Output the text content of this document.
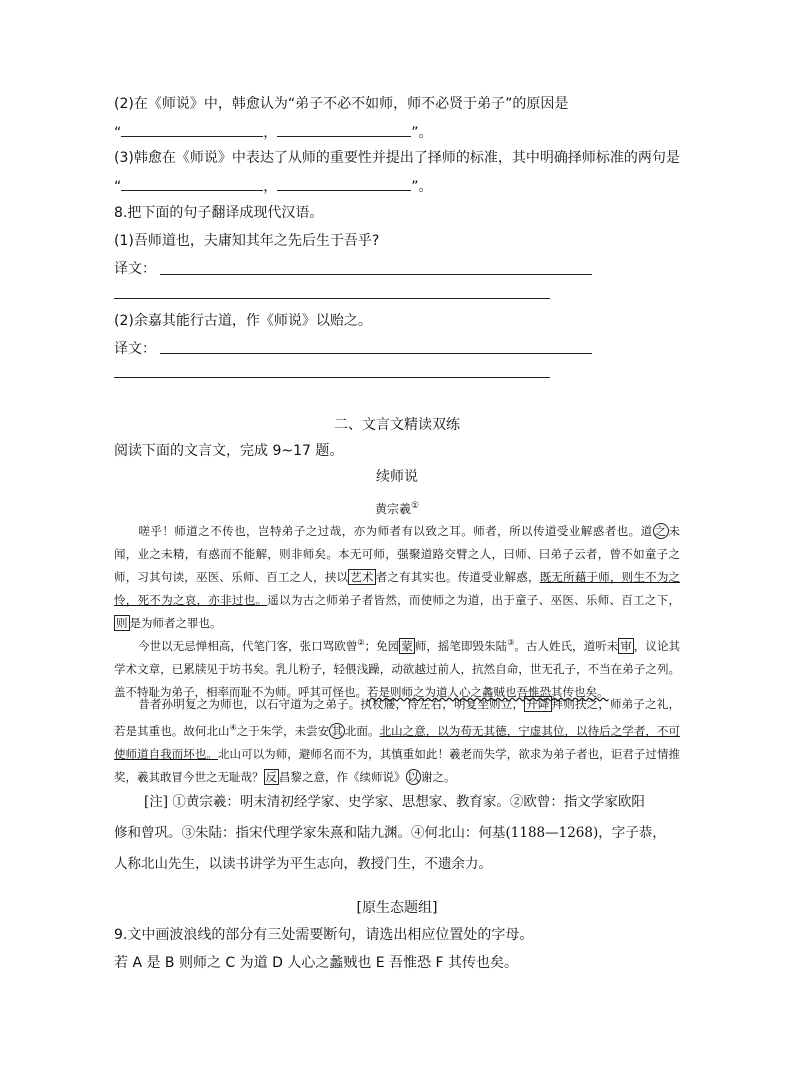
(2)在《师说》中，韩愈认为“弟子不必不如师，师不必贤于弟子”的原因是
“	，	”。
(3)韩愈在《师说》中表达了从师的重要性并提出了择师的标准，其中明确择师标准的两句是
“	，	”。
8.把下面的句子翻译成现代汉语。
(1)吾师道也，夫庸知其年之先后生于吾乎?
译文：
(2)余嘉其能行古道，作《师说》以贻之。
译文：
二、文言文精读双练
阅读下面的文言文，完成 9~17 题。
续师说
黄宗羲①
嗟乎！师道之不传也，岂特弟子之过哉，亦为师者有以致之耳。师者，所以传道受业解惑者也。道 之 未闻，业之未精，有惑而不能解，则非师矣。本无可师，强聚道路交臂之人，曰师、曰弟子云者，曾不如童子之师，习其句读，巫医、乐师、百工之人，挟以 艺术 者之有其实也。传道受业解惑，既无所藉于师，则生不为之怜，死不为之哀，亦非过也。遥以为古之师弟子者皆然，而使师之为道，出于童子、巫医、乐师、百工之下，则 是为师者之罪也。
今世以无忌惮相高，代笔门客，张口骂欧曾②；免园 蒙 师，摇笔即毁朱陆③。古人姓氏，道听未 审 ，议论其学术文章，已累牍见于坊书矣。乳儿粉子，轻偎浅躁，动欲越过前人，抗然自命，世无孔子，不当在弟子之列。盖不特耻为弟子，相率而耻不为师。呼其可怪也。若是则师之为道人心之蠡贼也吾惟恐其传也矣。
昔者孙明复之为师也，以石守道为之弟子。执杖屦，侍左右，明复坐则立， 升降 拜则扶之，师弟子之礼，若是其重也。故何北山④之于朱学，未尝安 其 北面。北山之意，以为苟无其德，宁虚其位，以待后之学者，不可使师道自我而坏也。北山可以为师，避师名而不为，其慎重如此！羲老而失学，欲求为弟子者也，讵君子过情推奖，羲其敢冒今世之无耻哉？ 反 昌黎之意，作《续师说》 以 谢之。
[注] ①黄宗羲：明末清初经学家、史学家、思想家、教育家。②欧曾：指文学家欧阳
修和曾巩。③朱陆：指宋代理学家朱熹和陆九渊。④何北山：何基(1188—1268)，字子恭，
人称北山先生，以读书讲学为平生志向，教授门生，不遗余力。
[原生态题组]
9.文中画波浪线的部分有三处需要断句，请选出相应位置处的字母。
若 A 是 B 则师之 C 为道 D 人心之蠡贼也 E 吾惟恐 F 其传也矣。
